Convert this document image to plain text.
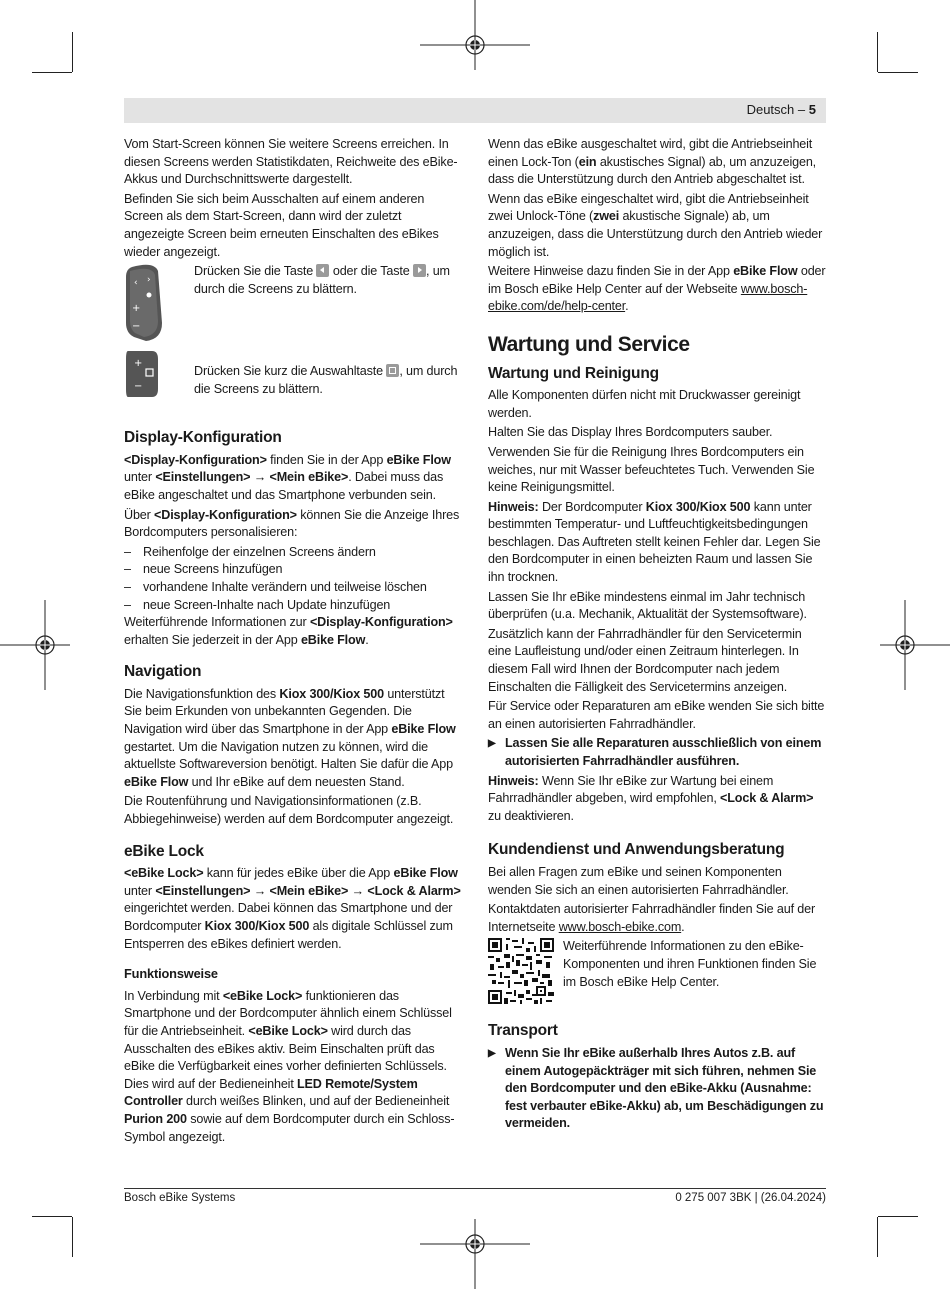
Deutsch – 5

Vom Start-Screen können Sie weitere Screens erreichen. In diesen Screens werden Statistikdaten, Reichweite des eBike-Akkus und Durchschnittswerte dargestellt.

Befinden Sie sich beim Ausschalten auf einem anderen Screen als dem Start-Screen, dann wird der zuletzt angezeigte Screen beim erneuten Einschalten des eBikes wieder angezeigt.

‹ ›
+
−
Drücken Sie die Taste oder die Taste , um durch die Screens zu blättern.
+
−
Drücken Sie kurz die Auswahltaste , um durch die Screens zu blättern.
Display-Konfiguration

<Display-Konfiguration> finden Sie in der App eBike Flow unter <Einstellungen> → <Mein eBike>. Dabei muss das eBike angeschaltet und das Smartphone verbunden sein.

Über <Display-Konfiguration> können Sie die Anzeige Ihres Bordcomputers personalisieren:

– Reihenfolge der einzelnen Screens ändern
– neue Screens hinzufügen
– vorhandene Inhalte verändern und teilweise löschen
– neue Screen-Inhalte nach Update hinzufügen

Weiterführende Informationen zur <Display-Konfiguration> erhalten Sie jederzeit in der App eBike Flow.

Navigation

Die Navigationsfunktion des Kiox 300/Kiox 500 unterstützt Sie beim Erkunden von unbekannten Gegenden. Die Navigation wird über das Smartphone in der App eBike Flow gestartet. Um die Navigation nutzen zu können, wird die aktuellste Softwareversion benötigt. Halten Sie dafür die App eBike Flow und Ihr eBike auf dem neuesten Stand.

Die Routenführung und Navigationsinformationen (z.B. Abbiegehinweise) werden auf dem Bordcomputer angezeigt.

eBike Lock

<eBike Lock> kann für jedes eBike über die App eBike Flow unter <Einstellungen> → <Mein eBike> → <Lock & Alarm> eingerichtet werden. Dabei können das Smartphone und der Bordcomputer Kiox 300/Kiox 500 als digitale Schlüssel zum Entsperren des eBikes definiert werden.

Funktionsweise

In Verbindung mit <eBike Lock> funktionieren das Smartphone und der Bordcomputer ähnlich einem Schlüssel für die Antriebseinheit. <eBike Lock> wird durch das Ausschalten des eBikes aktiv. Beim Einschalten prüft das eBike die Verfügbarkeit eines vorher definierten Schlüssels. Dies wird auf der Bedieneinheit LED Remote/System Controller durch weißes Blinken, und auf der Bedieneinheit Purion 200 sowie auf dem Bordcomputer durch ein Schloss-Symbol angezeigt.

Wenn das eBike ausgeschaltet wird, gibt die Antriebseinheit einen Lock-Ton (ein akustisches Signal) ab, um anzuzeigen, dass die Unterstützung durch den Antrieb abgeschaltet ist.

Wenn das eBike eingeschaltet wird, gibt die Antriebseinheit zwei Unlock-Töne (zwei akustische Signale) ab, um anzuzeigen, dass die Unterstützung durch den Antrieb wieder möglich ist.

Weitere Hinweise dazu finden Sie in der App eBike Flow oder im Bosch eBike Help Center auf der Webseite www.bosch-ebike.com/de/help-center.

Wartung und Service
Wartung und Reinigung

Alle Komponenten dürfen nicht mit Druckwasser gereinigt werden.

Halten Sie das Display Ihres Bordcomputers sauber.

Verwenden Sie für die Reinigung Ihres Bordcomputers ein weiches, nur mit Wasser befeuchtetes Tuch. Verwenden Sie keine Reinigungsmittel.

Hinweis: Der Bordcomputer Kiox 300/Kiox 500 kann unter bestimmten Temperatur- und Luftfeuchtigkeitsbedingungen beschlagen. Das Auftreten stellt keinen Fehler dar. Legen Sie den Bordcomputer in einen beheizten Raum und lassen Sie ihn trocknen.

Lassen Sie Ihr eBike mindestens einmal im Jahr technisch überprüfen (u.a. Mechanik, Aktualität der Systemsoftware).

Zusätzlich kann der Fahrradhändler für den Servicetermin eine Laufleistung und/oder einen Zeitraum hinterlegen. In diesem Fall wird Ihnen der Bordcomputer nach jedem Einschalten die Fälligkeit des Servicetermins anzeigen.

Für Service oder Reparaturen am eBike wenden Sie sich bitte an einen autorisierten Fahrradhändler.

▶ Lassen Sie alle Reparaturen ausschließlich von einem autorisierten Fahrradhändler ausführen.

Hinweis: Wenn Sie Ihr eBike zur Wartung bei einem Fahrradhändler abgeben, wird empfohlen, <Lock & Alarm> zu deaktivieren.

Kundendienst und Anwendungsberatung

Bei allen Fragen zum eBike und seinen Komponenten wenden Sie sich an einen autorisierten Fahrradhändler.

Kontaktdaten autorisierter Fahrradhändler finden Sie auf der Internetseite www.bosch-ebike.com.

Weiterführende Informationen zu den eBike-Komponenten und ihren Funktionen finden Sie im Bosch eBike Help Center.
Transport

▶ Wenn Sie Ihr eBike außerhalb Ihres Autos z.B. auf einem Autogepäckträger mit sich führen, nehmen Sie den Bordcomputer und den eBike-Akku (Ausnahme: fest verbauter eBike-Akku) ab, um Beschädigungen zu vermeiden.

Bosch eBike Systems	0 275 007 3BK | (26.04.2024)
